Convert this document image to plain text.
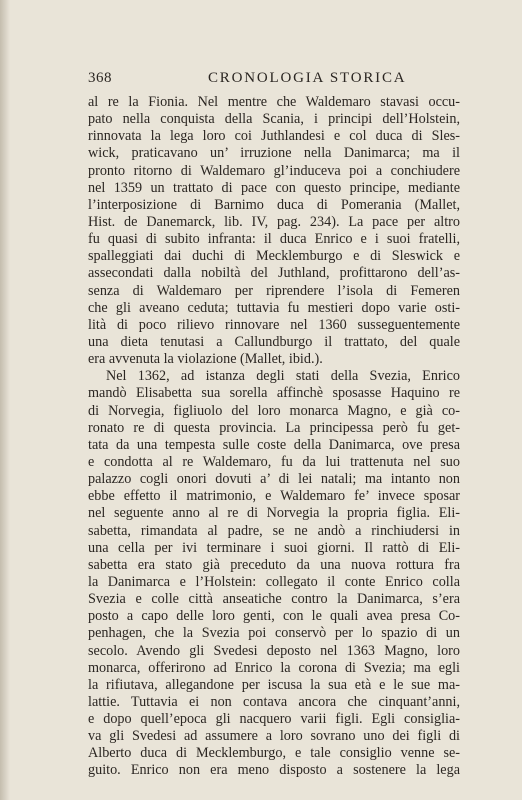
368	CRONOLOGIA STORICA
al re la Fionia. Nel mentre che Waldemaro stavasi occu-
pato nella conquista della Scania, i principi dell’Holstein,
rinnovata la lega loro coi Juthlandesi e col duca di Sles-
wick, praticavano un’ irruzione nella Danimarca; ma il
pronto ritorno di Waldemaro gl’induceva poi a conchiudere
nel 1359 un trattato di pace con questo principe, mediante
l’interposizione di Barnimo duca di Pomerania (Mallet,
Hist. de Danemarck, lib. IV, pag. 234). La pace per altro
fu quasi di subito infranta: il duca Enrico e i suoi fratelli,
spalleggiati dai duchi di Mecklemburgo e di Sleswick e
assecondati dalla nobiltà del Juthland, profittarono dell’as-
senza di Waldemaro per riprendere l’isola di Femeren
che gli aveano ceduta; tuttavia fu mestieri dopo varie osti-
lità di poco rilievo rinnovare nel 1360 susseguentemente
una dieta tenutasi a Callundburgo il trattato, del quale
era avvenuta la violazione (Mallet, ibid.).
Nel 1362, ad istanza degli stati della Svezia, Enrico
mandò Elisabetta sua sorella affinchè sposasse Haquino re
di Norvegia, figliuolo del loro monarca Magno, e già co-
ronato re di questa provincia. La principessa però fu get-
tata da una tempesta sulle coste della Danimarca, ove presa
e condotta al re Waldemaro, fu da lui trattenuta nel suo
palazzo cogli onori dovuti a’ di lei natali; ma intanto non
ebbe effetto il matrimonio, e Waldemaro fe’ invece sposar
nel seguente anno al re di Norvegia la propria figlia. Eli-
sabetta, rimandata al padre, se ne andò a rinchiudersi in
una cella per ivi terminare i suoi giorni. Il rattò di Eli-
sabetta era stato già preceduto da una nuova rottura fra
la Danimarca e l’Holstein: collegato il conte Enrico colla
Svezia e colle città anseatiche contro la Danimarca, s’era
posto a capo delle loro genti, con le quali avea presa Co-
penhagen, che la Svezia poi conservò per lo spazio di un
secolo. Avendo gli Svedesi deposto nel 1363 Magno, loro
monarca, offerirono ad Enrico la corona di Svezia; ma egli
la rifiutava, allegandone per iscusa la sua età e le sue ma-
lattie. Tuttavia ei non contava ancora che cinquant’anni,
e dopo quell’epoca gli nacquero varii figli. Egli consiglia-
va gli Svedesi ad assumere a loro sovrano uno dei figli di
Alberto duca di Mecklemburgo, e tale consiglio venne se-
guito. Enrico non era meno disposto a sostenere la lega
